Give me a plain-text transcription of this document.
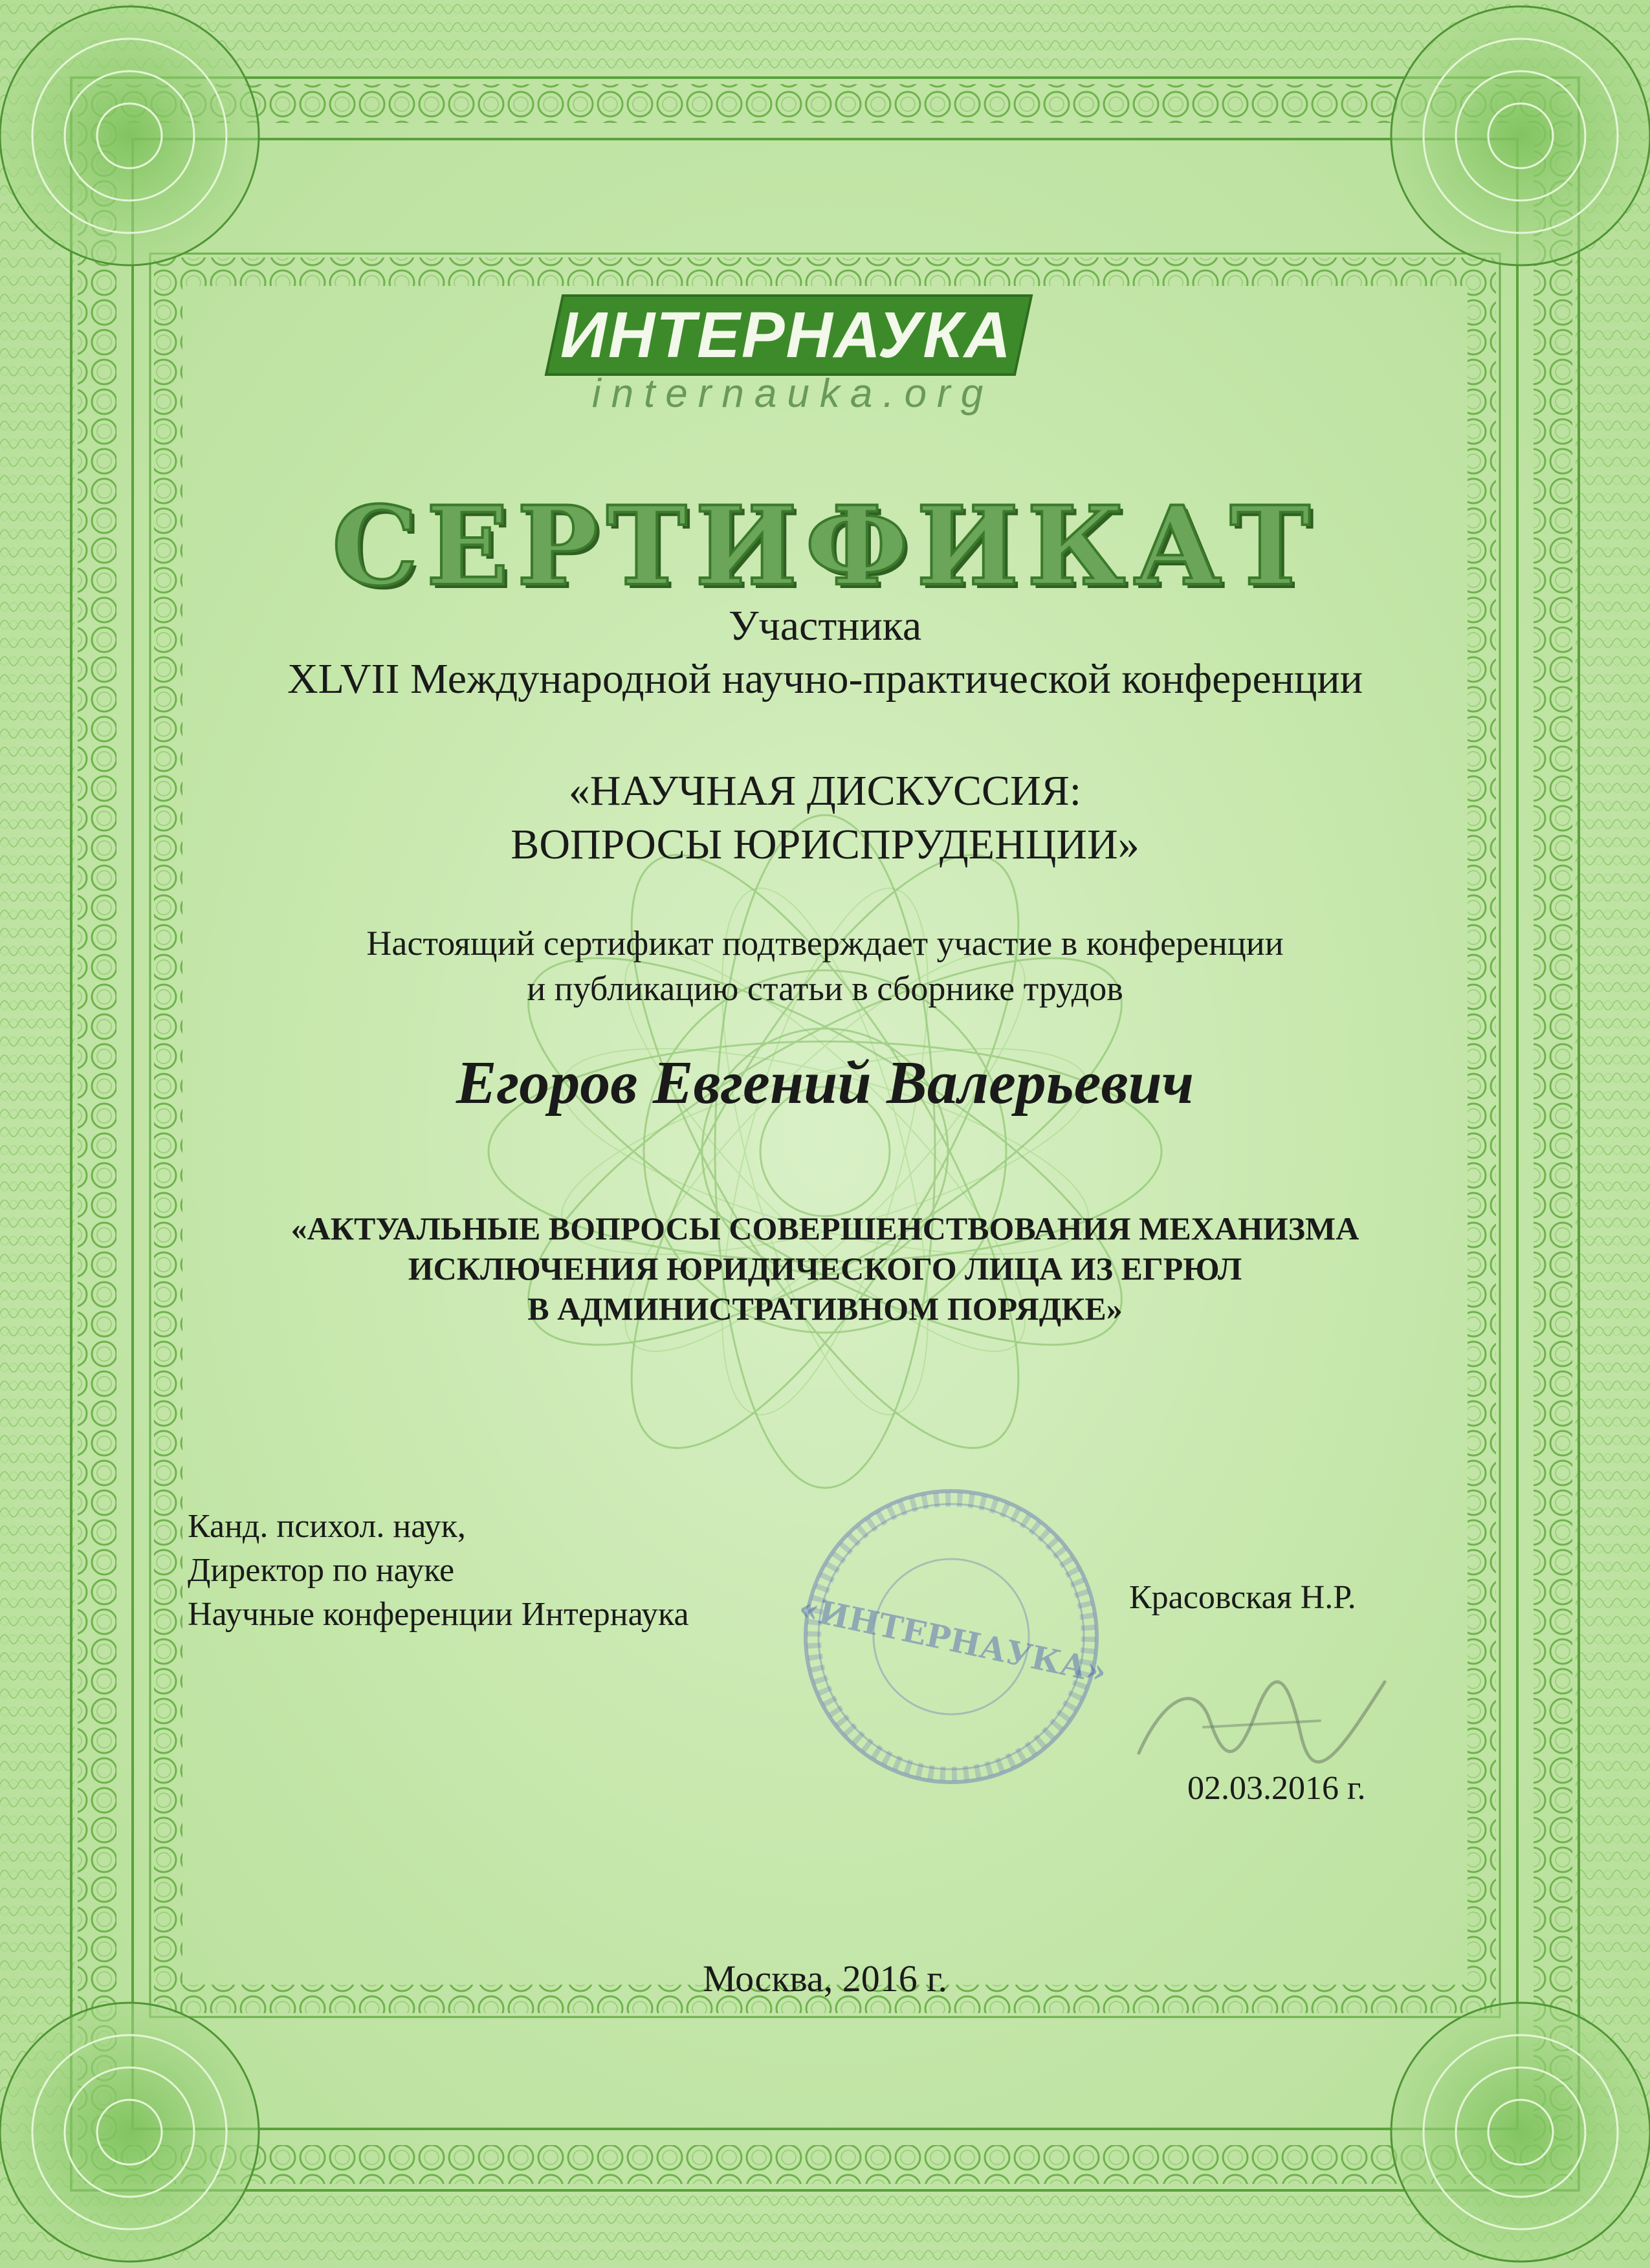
ИНТЕРНАУКА
internauka.org
СЕРТИФИКАТ
Участника
XLVII Международной научно-практической конференции
«НАУЧНАЯ ДИСКУССИЯ:
ВОПРОСЫ ЮРИСПРУДЕНЦИИ»
Настоящий сертификат подтверждает участие в конференции
и публикацию статьи в сборнике трудов
Егоров Евгений Валерьевич
«АКТУАЛЬНЫЕ ВОПРОСЫ СОВЕРШЕНСТВОВАНИЯ МЕХАНИЗМА
ИСКЛЮЧЕНИЯ ЮРИДИЧЕСКОГО ЛИЦА ИЗ ЕГРЮЛ
В АДМИНИСТРАТИВНОМ ПОРЯДКЕ»
Канд. психол. наук,
Директор по науке
Научные конференции Интернаука	«ИНТЕРНАУКА» Красовская Н.Р.
02.03.2016 г.
Москва, 2016 г.
